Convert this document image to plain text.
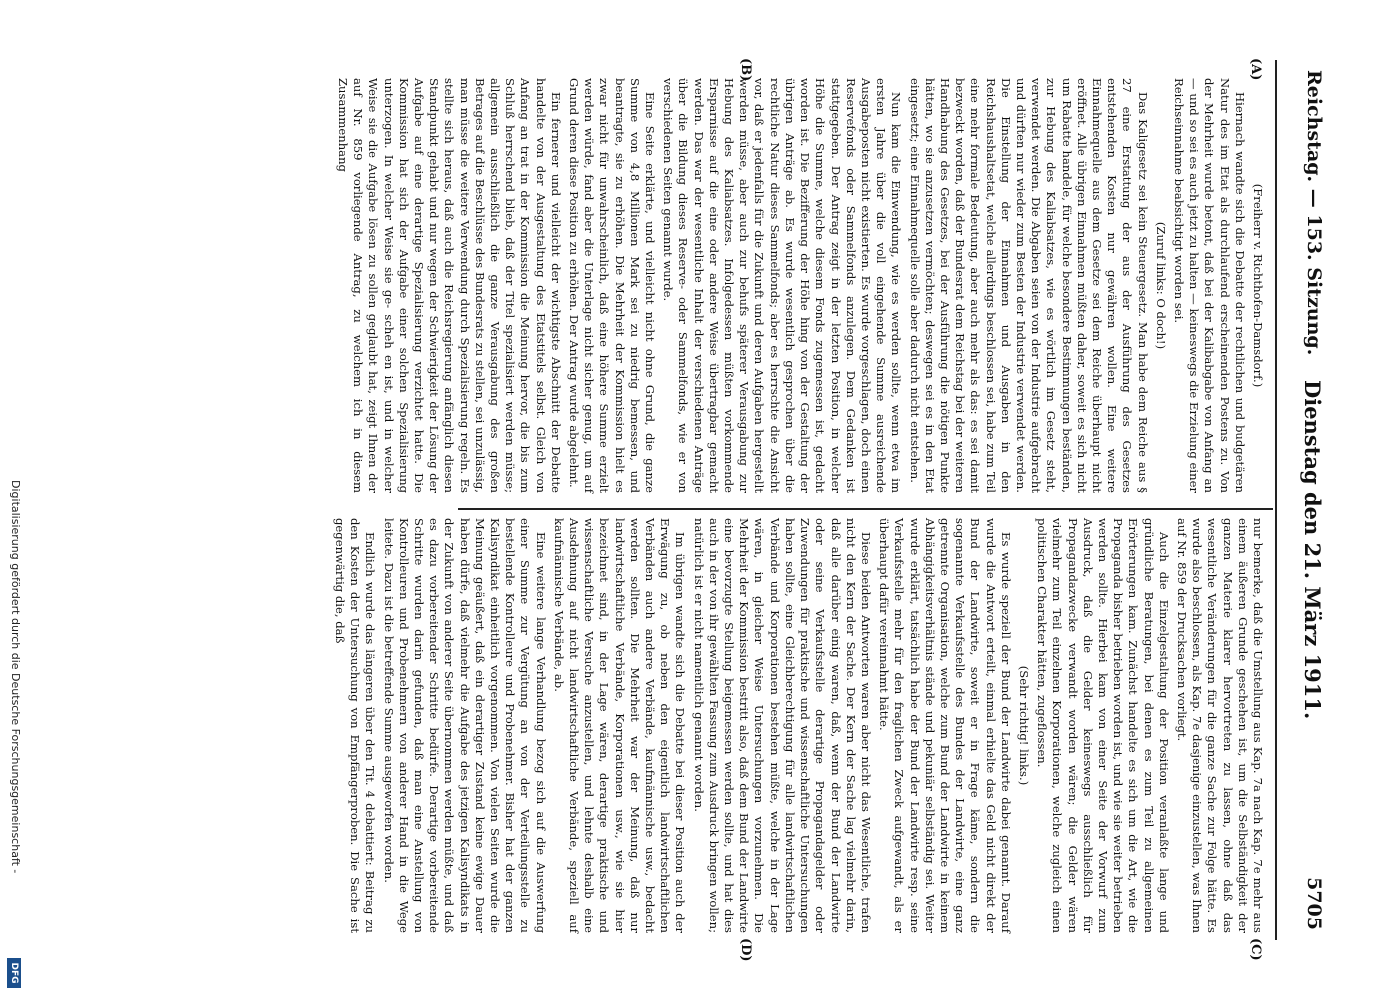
Reichstag. — 153. Sitzung.
Dienstag den 21. März 1911.
5705
(A)
(B)
(C)
(D)

(Freiherr v. Richthofen-Damsdorf.)

Hiernach wandte sich die Debatte der rechtlichen und budgetären Natur des im Etat als durchlaufend erscheinenden Postens zu. Von der Mehrheit wurde betont, daß bei der Kalibabgabe von Anfang an — und so sei es auch jetzt zu halten — keineswegs die Erzielung einer Reichseinnahme beabsichtigt worden sei.

(Zuruf links: O doch!)

Das Kaligesetz sei kein Steuergesetz. Man habe dem Reiche aus § 27 eine Erstattung der aus der Ausführung des Gesetzes entstehenden Kosten nur gewähren wollen. Eine weitere Einnahmequelle aus dem Gesetze sei dem Reiche überhaupt nicht eröffnet. Alle übrigen Einnahmen müßten daher, soweit es sich nicht um Rabatte handele, für welche besondere Bestimmungen beständen, zur Hebung des Kaliabsatzes, wie es wörtlich im Gesetz steht, verwendet werden. Die Abgaben seien von der Industrie aufgebracht und dürften nur wieder zum Besten der Industrie verwendet werden. Die Einstellung der Einnahmen und Ausgaben in den Reichshaushaltsetat, welche allerdings beschlossen sei, habe zum Teil eine mehr formale Bedeutung, aber auch mehr als das: es sei damit bezweckt worden, daß der Bundesrat dem Reichstag bei der weiteren Handhabung des Gesetzes, bei der Ausführung die nötigen Punkte hätten, wo sie anzusetzen vermöchten; deswegen sei es in den Etat eingesetzt; eine Einnahmequelle solle aber dadurch nicht entstehen.

Nun kam die Einwendung, wie es werden sollte, wenn etwa im ersten Jahre über die voll eingehende Summe ausreichende Ausgabeposten nicht existierten. Es wurde vorgeschlagen, doch einen Reservefonds oder Sammelfonds anzulegen. Dem Gedanken ist stattgegeben. Der Antrag zeigt in der letzten Position, in welcher Höhe die Summe, welche diesem Fonds zugemessen ist, gedacht worden ist. Die Bezifferung der Höhe hing von der Gestaltung der übrigen Anträge ab. Es wurde wesentlich gesprochen über die rechtliche Natur dieses Sammelfonds; aber es herrschte die Ansicht vor, daß er jedenfalls für die Zukunft und deren Aufgaben hergestellt werden müsse, aber auch zur behufs späterer Verausgabung zur Hebung des Kaliabsatzes. Infolgedessen müßten vorkommende Ersparnisse auf die eine oder andere Weise übertragbar gemacht werden. Das war der wesentliche Inhalt der verschiedenen Anträge über die Bildung dieses Reserve- oder Sammelfonds, wie er von verschiedenen Seiten genannt wurde.

Eine Seite erklärte, und vielleicht nicht ohne Grund, die ganze Summe von 4,8 Millionen Mark sei zu niedrig bemessen, und beantragte, sie zu erhöhen. Die Mehrheit der Kommission hielt es zwar nicht für unwahrscheinlich, daß eine höhere Summe erzielt werden würde, fand aber die Unterlage nicht sicher genug, um auf Grund deren diese Position zu erhöhen. Der Antrag wurde abgelehnt.

Ein fernerer und vielleicht der wichtigste Abschnitt der Debatte handelte von der Ausgestaltung des Etatstitels selbst. Gleich von Anfang an trat in der Kommission die Meinung hervor, die bis zum Schluß herrschend blieb, daß der Titel spezialisiert werden müsse; allgemein ausschließlich die ganze Verausgabung des großen Betrages auf die Beschlüsse des Bundesrats zu stellen, sei unzulässig, man müsse die weitere Verwendung durch Spezialisierung regeln. Es stellte sich heraus, daß auch die Reichsregierung anfänglich diesen Standpunkt gehabt und nur wegen der Schwierigkeit der Lösung der Aufgabe auf eine derartige Spezialisierung verzichtet hatte. Die Kommission hat sich der Aufgabe einer solchen Spezialisierung unterzogen. In welcher Weise sie ge- scheh en ist, und in welcher Weise sie die Aufgabe lösen zu sollen geglaubt hat, zeigt Ihnen der auf Nr. 859 vorliegende Antrag, zu welchem ich in diesem Zusammenhang

nur bemerke, daß die Umstellung aus Kap. 7a nach Kap. 7e mehr aus einem äußeren Grunde geschehen ist, um die Selbständigkeit der ganzen Materie klarer hervortreten zu lassen, ohne daß das wesentliche Veränderungen für die ganze Sache zur Folge hätte. Es wurde also beschlossen, als Kap. 7e dasjenige einzustellen, was Ihnen auf Nr. 859 der Drucksachen vorliegt.

Auch die Einzelgestaltung der Position veranlaßte lange und gründliche Beratungen, bei denen es zum Teil zu allgemeinen Erörterungen kam. Zunächst handelte es sich um die Art, wie die Propaganda bisher betrieben worden ist, und wie sie weiter betrieben werden sollte. Hierbei kam von einer Seite der Vorwurf zum Ausdruck, daß die Gelder keineswegs ausschließlich für Propagandazwecke verwandt worden wären; die Gelder wären vielmehr zum Teil einzelnen Korporationen, welche zugleich einen politischen Charakter hätten, zugeflossen.

(Sehr richtig! links.)

Es wurde speziell der Bund der Landwirte dabei genannt. Darauf wurde die Antwort erteilt, einmal erhielte das Geld nicht direkt der Bund der Landwirte, soweit er in Frage käme, sondern die sogenannte Verkaufsstelle des Bundes der Landwirte, eine ganz getrennte Organisation, welche zum Bund der Landwirte in keinem Abhängigkeitsverhältnis stände und pekuniär selbständig sei. Weiter wurde erklärt, tatsächlich habe der Bund der Landwirte resp. seine Verkaufsstelle mehr für den fraglichen Zweck aufgewandt, als er überhaupt dafür vereinnahmt hätte.

Diese beiden Antworten waren aber nicht das Wesentliche, trafen nicht den Kern der Sache. Der Kern der Sache lag vielmehr darin, daß alle darüber einig waren, daß, wenn der Bund der Landwirte oder seine Verkaufsstelle derartige Propagandagelder oder Zuwendungen für praktische und wissenschaftliche Untersuchungen haben sollte, eine Gleichberechtigung für alle landwirtschaftlichen Verbände und Korporationen bestehen müßte, welche in der Lage wären, in gleicher Weise Untersuchungen vorzunehmen. Die Mehrheit der Kommission bestritt also, daß dem Bund der Landwirte eine bevorzugte Stellung beigemessen werden sollte, und hat dies auch in der von ihr gewählten Fassung zum Ausdruck bringen wollen; natürlich ist er nicht namentlich genannt worden.

Im übrigen wandte sich die Debatte bei dieser Position auch der Erwägung zu, ob neben den eigentlich landwirtschaftlichen Verbänden auch andere Verbände, kaufmännische usw., bedacht werden sollten. Die Mehrheit war der Meinung, daß nur landwirtschaftliche Verbände, Korporationen usw., wie sie hier bezeichnet sind, in der Lage wären, derartige praktische und wissenschaftliche Versuche anzustellen, und lehnte deshalb eine Ausdehnung auf nicht landwirtschaftliche Verbände, speziell auf kaufmännische Verbände, ab.

Eine weitere lange Verhandlung bezog sich auf die Auswerfung einer Summe zur Vergütung an von der Verteilungsstelle zu bestellende Kontrolleure und Probenehmer. Bisher hat der ganzen Kalisyndikat einheitlich vorgenommen. Von vielen Seiten wurde die Meinung geäußert, daß ein derartiger Zustand keine ewige Dauer haben dürfe, daß vielmehr die Aufgabe des jetzigen Kalisyndikats in der Zukunft von anderer Seite übernommen werden müßte, und daß es dazu vorbereitender Schritte bedürfe. Derartige vorbereitende Schritte wurden darin gefunden, daß man eine Anstellung von Kontrolleuren und Probenehmern von anderer Hand in die Wege leitete. Dazu ist die betreffende Summe ausgeworfen worden.

Endlich wurde das längeren über den Tit. 4 debattiert: Beitrag zu den Kosten der Untersuchung von Empfängerproben. Die Sache ist gegenwärtig die, daß

Digitalisierung gefördert durch die Deutsche Forschungsgemeinschaft -
DFG
